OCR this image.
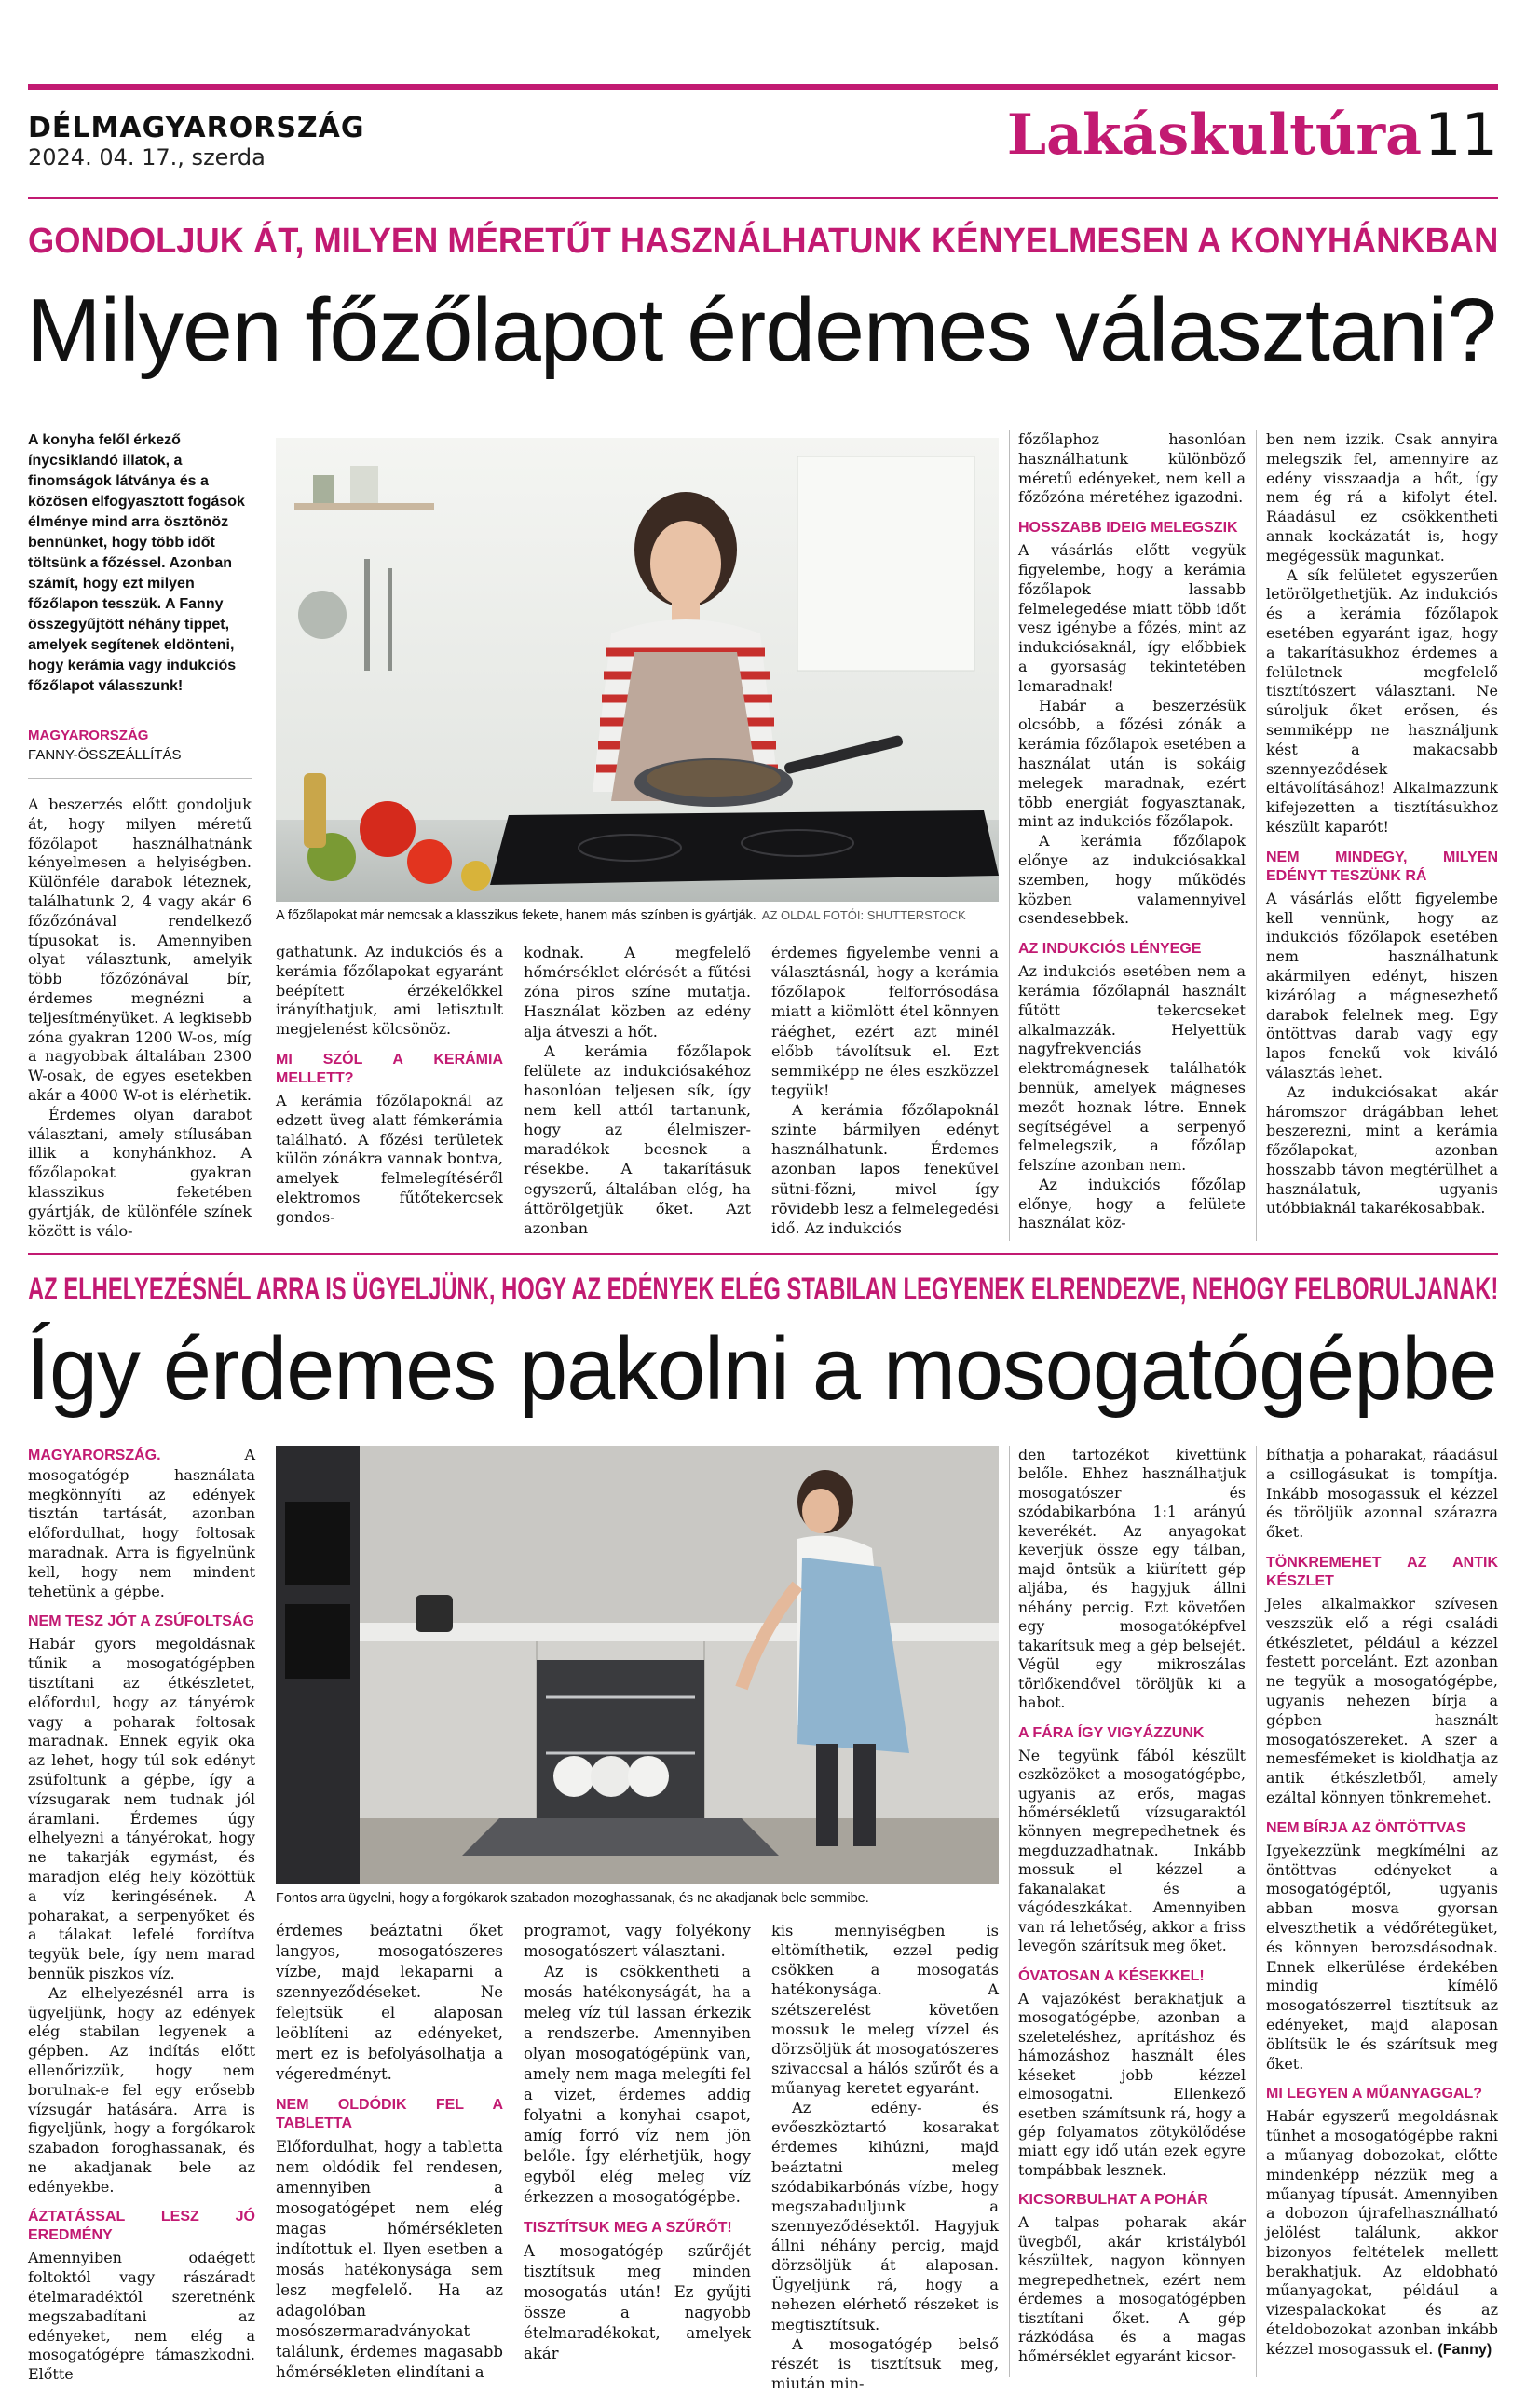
DÉLMAGYARORSZÁG
2024. 04. 17., szerda	Lakáskultúra 11
GONDOLJUK ÁT, MILYEN MÉRETŰT HASZNÁLHATUNK KÉNYELMESEN A KONYHÁNKBAN
Milyen főzőlapot érdemes választani?
A konyha felől érkező ínycsiklandó illatok, a finomságok látványa és a közösen elfogyasztott fogások élménye mind arra ösztönöz bennünket, hogy több időt töltsünk a főzéssel. Azonban számít, hogy ezt milyen főzőlapon tesszük. A Fanny összegyűjtött néhány tippet, amelyek segítenek eldönteni, hogy kerámia vagy indukciós főzőlapot válasszunk!
MAGYARORSZÁG
FANNY-ÖSSZEÁLLÍTÁS

A beszerzés előtt gondoljuk át, hogy milyen méretű főzőlapot használhatnánk kényelmesen a helyiségben. Különféle darabok léteznek, találhatunk 2, 4 vagy akár 6 főzőzónával rendelkező típusokat is. Amennyiben olyat választunk, amelyik több főzőzónával bír, érdemes megnézni a teljesítményüket. A legkisebb zóna gyakran 1200 W-os, míg a nagyobbak általában 2300 W-osak, de egyes esetekben akár a 4000 W-ot is elérhetik.

Érdemes olyan darabot választani, amely stílusában illik a konyhánkhoz. A főzőlapokat gyakran klasszikus feketében gyártják, de különféle színek között is válo-

A főzőlapokat már nemcsak a klasszikus fekete, hanem más színben is gyártják. AZ OLDAL FOTÓI: SHUTTERSTOCK

gathatunk. Az indukciós és a kerámia főzőlapokat egyaránt beépített érzékelőkkel irányíthatjuk, ami letisztult megjelenést kölcsönöz.

MI SZÓL A KERÁMIA MELLETT?

A kerámia főzőlapoknál az edzett üveg alatt fémkerámia található. A főzési területek külön zónákra vannak bontva, amelyek felmelegítéséről elektromos fűtőtekercsek gondos-

kodnak. A megfelelő hőmérséklet elérését a fűtési zóna piros színe mutatja. Használat közben az edény alja átveszi a hőt.

A kerámia főzőlapok felülete az indukciósakéhoz hasonlóan teljesen sík, így nem kell attól tartanunk, hogy az élelmiszer-maradékok beesnek a résekbe. A takarításuk egyszerű, általában elég, ha áttörölgetjük őket. Azt azonban

érdemes figyelembe venni a választásnál, hogy a kerámia főzőlapok felforrósodása miatt a kiömlött étel könnyen ráéghet, ezért azt minél előbb távolítsuk el. Ezt semmiképp ne éles eszközzel tegyük!

A kerámia főzőlapoknál szinte bármilyen edényt használhatunk. Érdemes azonban lapos fenekűvel sütni-főzni, mivel így rövidebb lesz a felmelegedési idő. Az indukciós

főzőlaphoz hasonlóan használhatunk különböző méretű edényeket, nem kell a főzőzóna méretéhez igazodni.

HOSSZABB IDEIG MELEGSZIK

A vásárlás előtt vegyük figyelembe, hogy a kerámia főzőlapok lassabb felmelegedése miatt több időt vesz igénybe a főzés, mint az indukciósaknál, így előbbiek a gyorsaság tekintetében lemaradnak!

Habár a beszerzésük olcsóbb, a főzési zónák a kerámia főzőlapok esetében a használat után is sokáig melegek maradnak, ezért több energiát fogyasztanak, mint az indukciós főzőlapok.

A kerámia főzőlapok előnye az indukciósakkal szemben, hogy működés közben valamennyivel csendesebbek.

AZ INDUKCIÓS LÉNYEGE

Az indukciós esetében nem a kerámia főzőlapnál használt fűtött tekercseket alkalmazzák. Helyettük nagyfrekvenciás elektromágnesek találhatók bennük, amelyek mágneses mezőt hoznak létre. Ennek segítségével a serpenyő felmelegszik, a főzőlap felszíne azonban nem.

Az indukciós főzőlap előnye, hogy a felülete használat köz-

ben nem izzik. Csak annyira melegszik fel, amennyire az edény visszaadja a hőt, így nem ég rá a kifolyt étel. Ráadásul ez csökkentheti annak kockázatát is, hogy megégessük magunkat.

A sík felületet egyszerűen letörölgethetjük. Az indukciós és a kerámia főzőlapok esetében egyaránt igaz, hogy a takarításukhoz érdemes a felületnek megfelelő tisztítószert választani. Ne súroljuk őket erősen, és semmiképp ne használjunk kést a makacsabb szennyeződések eltávolításához! Alkalmazzunk kifejezetten a tisztításukhoz készült kaparót!

NEM MINDEGY, MILYEN EDÉNYT TESZÜNK RÁ

A vásárlás előtt figyelembe kell vennünk, hogy az indukciós főzőlapok esetében nem használhatunk akármilyen edényt, hiszen kizárólag a mágnesezhető darabok felelnek meg. Egy öntöttvas darab vagy egy lapos fenekű vok kiváló választás lehet.

Az indukciósakat akár háromszor drágábban lehet beszerezni, mint a kerámia főzőlapokat, azonban hosszabb távon megtérülhet a használatuk, ugyanis utóbbiaknál takarékosabbak.

AZ ELHELYEZÉSNÉL ARRA IS ÜGYELJÜNK, HOGY AZ EDÉNYEK ELÉG STABILAN LEGYENEK ELRENDEZVE, NEHOGY FELBORULJANAK!
Így érdemes pakolni a mosogatógépbe

MAGYARORSZÁG.	A mosogatógép használata megkönnyíti az edények tisztán tartását, azonban előfordulhat, hogy foltosak maradnak. Arra is figyelnünk kell, hogy nem mindent tehetünk a gépbe.

NEM TESZ JÓT A ZSÚFOLTSÁG

Habár gyors megoldásnak tűnik a mosogatógépben tisztítani az étkészletet, előfordul, hogy az tányérok vagy a poharak foltosak maradnak. Ennek egyik oka az lehet, hogy túl sok edényt zsúfoltunk a gépbe, így a vízsugarak nem tudnak jól áramlani. Érdemes úgy elhelyezni a tányérokat, hogy ne takarják egymást, és maradjon elég hely közöttük a víz keringésének. A poharakat, a serpenyőket és a tálakat lefelé fordítva tegyük bele, így nem marad bennük piszkos víz.

Az elhelyezésnél arra is ügyeljünk, hogy az edények elég stabilan legyenek a gépben. Az indítás előtt ellenőrizzük, hogy nem borulnak-e fel egy erősebb vízsugár hatására. Arra is figyeljünk, hogy a forgókarok szabadon foroghassanak, és ne akadjanak bele az edényekbe.

ÁZTATÁSSAL LESZ JÓ EREDMÉNY

Amennyiben odaégett foltoktól vagy rászáradt ételmaradéktól szeretnénk megszabadítani az edényeket, nem elég a mosogatógépre támaszkodni. Előtte

Fontos arra ügyelni, hogy a forgókarok szabadon mozoghassanak, és ne akadjanak bele semmibe.

érdemes beáztatni őket langyos, mosogatószeres vízbe, majd lekaparni a szennyeződéseket. Ne felejtsük el alaposan leöblíteni az edényeket, mert ez is befolyásolhatja a végeredményt.

NEM OLDÓDIK FEL A TABLETTA

Előfordulhat, hogy a tabletta nem oldódik fel rendesen, amennyiben a mosogatógépet nem elég magas hőmérsékleten indítottuk el. Ilyen esetben a mosás hatékonysága sem lesz megfelelő. Ha az adagolóban mosószermaradványokat találunk, érdemes magasabb hőmérsékleten elindítani a

programot, vagy folyékony mosogatószert választani.

Az is csökkentheti a mosás hatékonyságát, ha a meleg víz túl lassan érkezik a rendszerbe. Amennyiben olyan mosogatógépünk van, amely nem maga melegíti fel a vizet, érdemes addig folyatni a konyhai csapot, amíg forró víz nem jön belőle. Így elérhetjük, hogy egyből elég meleg víz érkezzen a mosogatógépbe.

TISZTÍTSUK MEG A SZŰRŐT!

A mosogatógép szűrőjét tisztítsuk meg minden mosogatás után! Ez gyűjti össze a nagyobb ételmaradékokat, amelyek akár

kis mennyiségben is eltömíthetik, ezzel pedig csökken a mosogatás hatékonysága. A szétszerelést követően mossuk le meleg vízzel és dörzsöljük át mosogatószeres szivaccsal a hálós szűrőt és a műanyag keretet egyaránt.

Az edény- és evőeszköztartó kosarakat érdemes kihúzni, majd beáztatni meleg szódabikarbónás vízbe, hogy megszabaduljunk a szennyeződésektől. Hagyjuk állni néhány percig, majd dörzsöljük át alaposan. Ügyeljünk rá, hogy a nehezen elérhető részeket is megtisztítsuk.

A mosogatógép belső részét is tisztítsuk meg, miután min-

den tartozékot kivettünk belőle. Ehhez használhatjuk mosogatószer és szódabikarbóna 1:1 arányú keverékét. Az anyagokat keverjük össze egy tálban, majd öntsük a kiürített gép aljába, és hagyjuk állni néhány percig. Ezt követően egy mosogatóképfvel takarítsuk meg a gép belsejét. Végül egy mikroszálas törlőkendővel töröljük ki a habot.

A FÁRA ÍGY VIGYÁZZUNK

Ne tegyünk fából készült eszközöket a mosogatógépbe, ugyanis az erős, magas hőmérsékletű vízsugaraktól könnyen megrepedhetnek és megduzzadhatnak. Inkább mossuk el kézzel a fakanalakat és a vágódeszkákat. Amennyiben van rá lehetőség, akkor a friss levegőn szárítsuk meg őket.

ÓVATOSAN A KÉSEKKEL!

A vajazókést berakhatjuk a mosogatógépbe, azonban a szeleteléshez, aprításhoz és hámozáshoz használt éles késeket jobb kézzel elmosogatni. Ellenkező esetben számítsunk rá, hogy a gép folyamatos zötykölődése miatt egy idő után ezek egyre tompábbak lesznek.

KICSORBULHAT A POHÁR

A talpas poharak akár üvegből, akár kristályból készültek, nagyon könnyen megrepedhetnek, ezért nem érdemes a mosogatógépben tisztítani őket. A gép rázkódása és a magas hőmérséklet egyaránt kicsor-

bíthatja a poharakat, ráadásul a csillogásukat is tompítja. Inkább mosogassuk el kézzel és töröljük azonnal szárazra őket.

TÖNKREMEHET AZ ANTIK KÉSZLET

Jeles alkalmakkor szívesen veszszük elő a régi családi étkészletet, például a kézzel festett porcelánt. Ezt azonban ne tegyük a mosogatógépbe, ugyanis nehezen bírja a gépben használt mosogatószereket. A szer a nemesfémeket is kioldhatja az antik étkészletből, amely ezáltal könnyen tönkremehet.

NEM BÍRJA AZ ÖNTÖTTVAS

Igyekezzünk megkímélni az öntöttvas edényeket a mosogatógéptől, ugyanis abban mosva gyorsan elveszthetik a védőrétegüket, és könnyen berozsdásodnak. Ennek elkerülése érdekében mindig kímélő mosogatószerrel tisztítsuk az edényeket, majd alaposan öblítsük le és szárítsuk meg őket.

MI LEGYEN A MŰANYAGGAL?

Habár egyszerű megoldásnak tűnhet a mosogatógépbe rakni a műanyag dobozokat, előtte mindenképp nézzük meg a műanyag típusát. Amennyiben a dobozon újrafelhasználható jelölést találunk, akkor bizonyos feltételek mellett berakhatjuk. Az eldobható műanyagokat, például a vizespalackokat és az ételdobozokat azonban inkább kézzel mosogassuk el. (Fanny)
